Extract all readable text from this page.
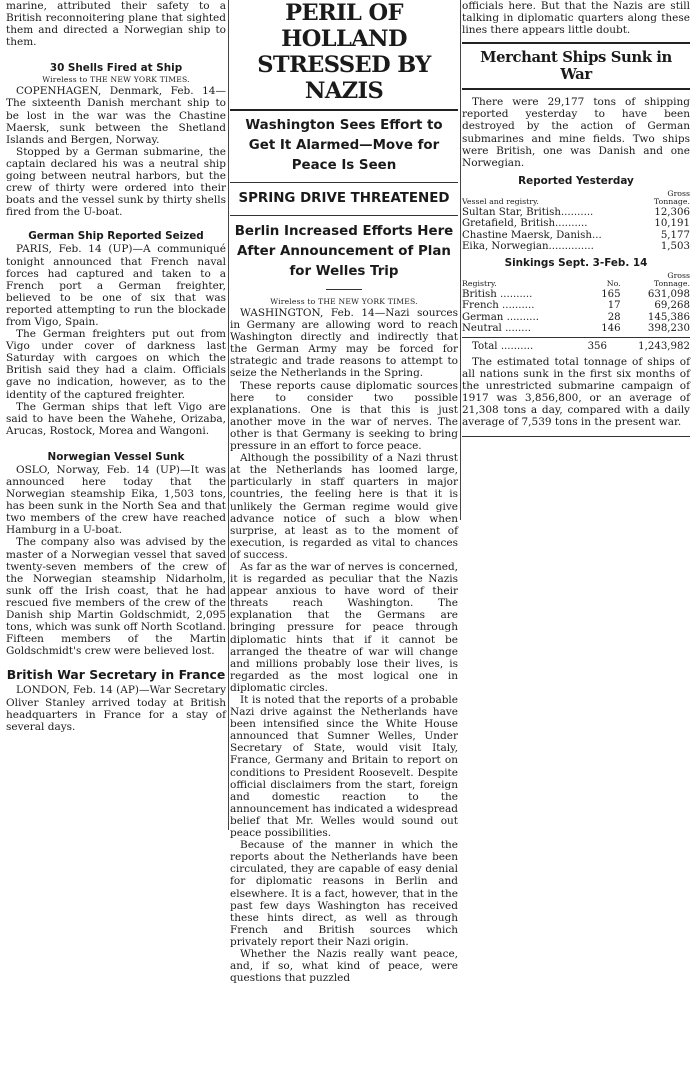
marine, attributed their safety to a British reconnoitering plane that sighted them and directed a Norwegian ship to them.

30 Shells Fired at Ship
Wireless to THE NEW YORK TIMES.

COPENHAGEN, Denmark, Feb. 14—The sixteenth Danish merchant ship to be lost in the war was the Chastine Maersk, sunk between the Shetland Islands and Bergen, Norway.

Stopped by a German submarine, the captain declared his was a neutral ship going between neutral harbors, but the crew of thirty were ordered into their boats and the vessel sunk by thirty shells fired from the U-boat.

German Ship Reported Seized

PARIS, Feb. 14 (UP)—A communiqué tonight announced that French naval forces had captured and taken to a French port a German freighter, believed to be one of six that was reported attempting to run the blockade from Vigo, Spain.

The German freighters put out from Vigo under cover of darkness last Saturday with cargoes on which the British said they had a claim. Officials gave no indication, however, as to the identity of the captured freighter.

The German ships that left Vigo are said to have been the Wahehe, Orizaba, Arucas, Rostock, Morea and Wangoni.

Norwegian Vessel Sunk

OSLO, Norway, Feb. 14 (UP)—It was announced here today that the Norwegian steamship Eika, 1,503 tons, has been sunk in the North Sea and that two members of the crew have reached Hamburg in a U-boat.

The company also was advised by the master of a Norwegian vessel that saved twenty-seven members of the crew of the Norwegian steamship Nidarholm, sunk off the Irish coast, that he had rescued five members of the crew of the Danish ship Martin Goldschmidt, 2,095 tons, which was sunk off North Scotland. Fifteen members of the Martin Goldschmidt's crew were believed lost.

British War Secretary in France

LONDON, Feb. 14 (AP)—War Secretary Oliver Stanley arrived today at British headquarters in France for a stay of several days.

PERIL OF HOLLAND STRESSED BY NAZIS
Washington Sees Effort to Get It Alarmed—Move for Peace Is Seen
SPRING DRIVE THREATENED
Berlin Increased Efforts Here After Announcement of Plan for Welles Trip
Wireless to THE NEW YORK TIMES.

WASHINGTON, Feb. 14—Nazi sources in Germany are allowing word to reach Washington directly and indirectly that the German Army may be forced for strategic and trade reasons to attempt to seize the Netherlands in the Spring.

These reports cause diplomatic sources here to consider two possible explanations. One is that this is just another move in the war of nerves. The other is that Germany is seeking to bring pressure in an effort to force peace.

Although the possibility of a Nazi thrust at the Netherlands has loomed large, particularly in staff quarters in major countries, the feeling here is that it is unlikely the German regime would give advance notice of such a blow when surprise, at least as to the moment of execution, is regarded as vital to chances of success.

As far as the war of nerves is concerned, it is regarded as peculiar that the Nazis appear anxious to have word of their threats reach Washington. The explanation that the Germans are bringing pressure for peace through diplomatic hints that if it cannot be arranged the theatre of war will change and millions probably lose their lives, is regarded as the most logical one in diplomatic circles.

It is noted that the reports of a probable Nazi drive against the Netherlands have been intensified since the White House announced that Sumner Welles, Under Secretary of State, would visit Italy, France, Germany and Britain to report on conditions to President Roosevelt. Despite official disclaimers from the start, foreign and domestic reaction to the announcement has indicated a widespread belief that Mr. Welles would sound out peace possibilities.

Because of the manner in which the reports about the Netherlands have been circulated, they are capable of easy denial for diplomatic reasons in Berlin and elsewhere. It is a fact, however, that in the past few days Washington has received these hints direct, as well as through French and British sources which privately report their Nazi origin.

Whether the Nazis really want peace, and, if so, what kind of peace, were questions that puzzled

officials here. But that the Nazis are still talking in diplomatic quarters along these lines there appears little doubt.

Merchant Ships Sunk in War

There were 29,177 tons of shipping reported yesterday to have been destroyed by the action of German submarines and mine fields. Two ships were British, one was Danish and one Norwegian.

Reported Yesterday
Vessel and registry.	Gross
Tonnage.
Sultan Star, British..........	12,306
Gretafield, British..........	10,191
Chastine Maersk, Danish...	5,177
Eika, Norwegian..............	1,503
Sinkings Sept. 3-Feb. 14
Registry.	No.	Gross
Tonnage.
British ..........	165	631,098
French ..........	17	69,268
German ..........	28	145,386
Neutral ........	146	398,230
Total ..........	356	1,243,982

The estimated total tonnage of ships of all nations sunk in the first six months of the unrestricted submarine campaign of 1917 was 3,856,800, or an average of 21,308 tons a day, compared with a daily average of 7,539 tons in the present war.
